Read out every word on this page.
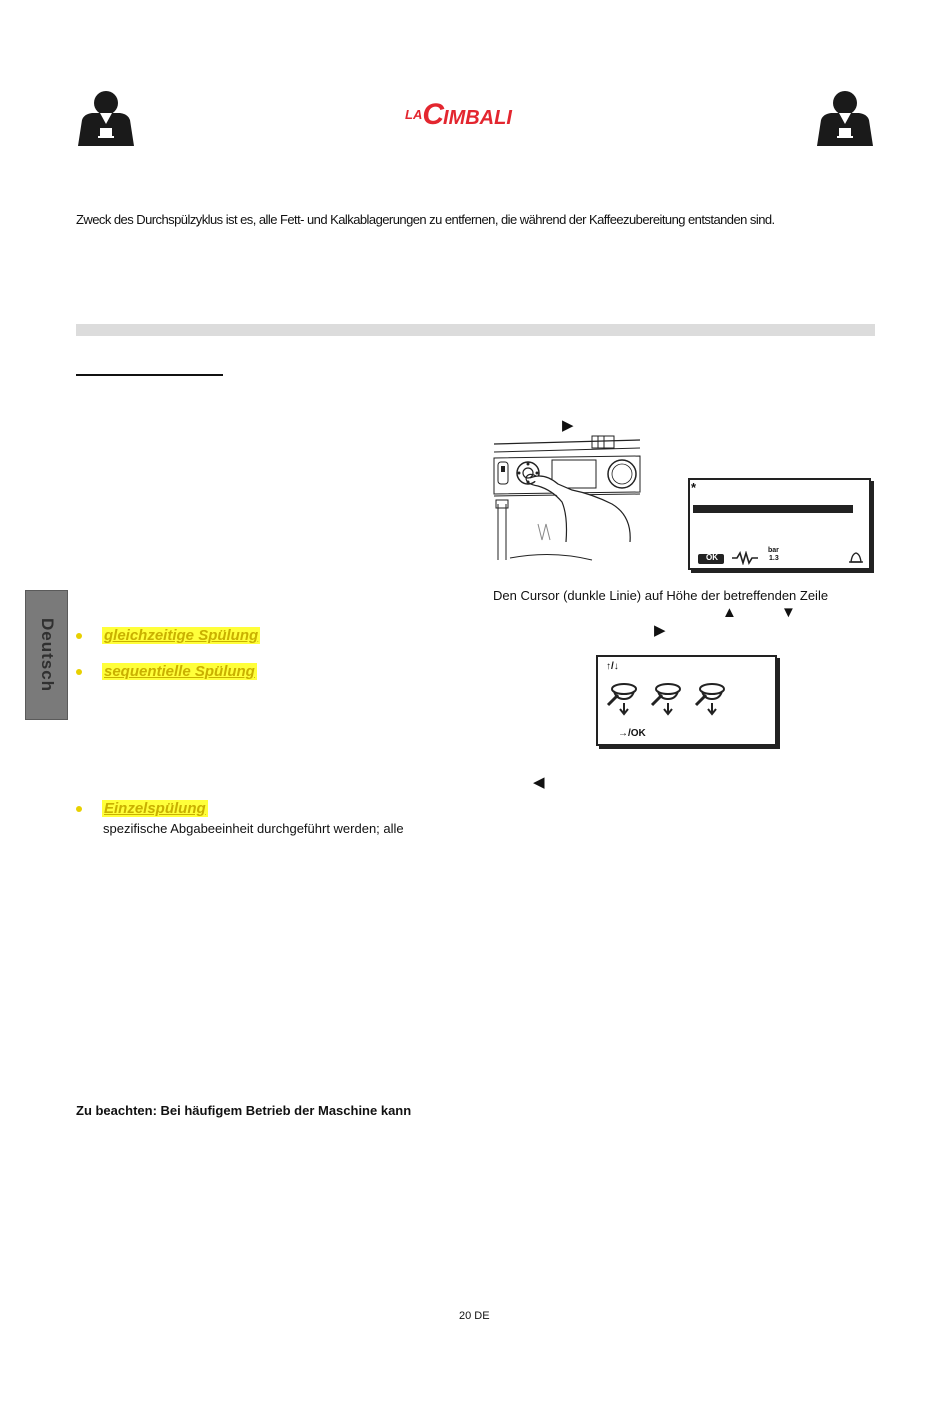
$^{LA}$CIMBALI
Zweck des Durchspülzyklus ist es, alle Fett- und Kalkablagerungen zu entfernen, die während der Kaffeezubereitung entstanden sind.
Deutsch	gleichzeitige Spülung
sequentielle Spülung
Einzelspülung
spezifische Abgabeeinheit durchgeführt werden; alle
▶
▲	▼
▶
◀
*
OK
bar
1.3
Den Cursor (dunkle Linie) auf Höhe der betreffenden Zeile
↑/↓
→/OK
Zu beachten: Bei häufigem Betrieb der Maschine kann
20 DE
